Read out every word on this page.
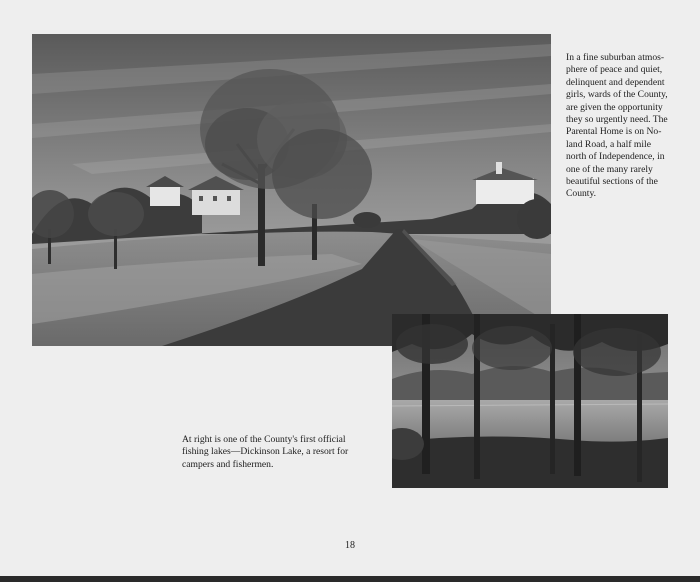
In a fine suburban atmos-
phere of peace and quiet,
delinquent and dependent
girls, wards of the County,
are given the opportunity
they so urgently need. The
Parental Home is on No-
land Road, a half mile
north of Independence, in
one of the many rarely
beautiful sections of the
County.
At right is one of the County's first official
fishing lakes—Dickinson Lake, a resort for
campers and fishermen.
18
